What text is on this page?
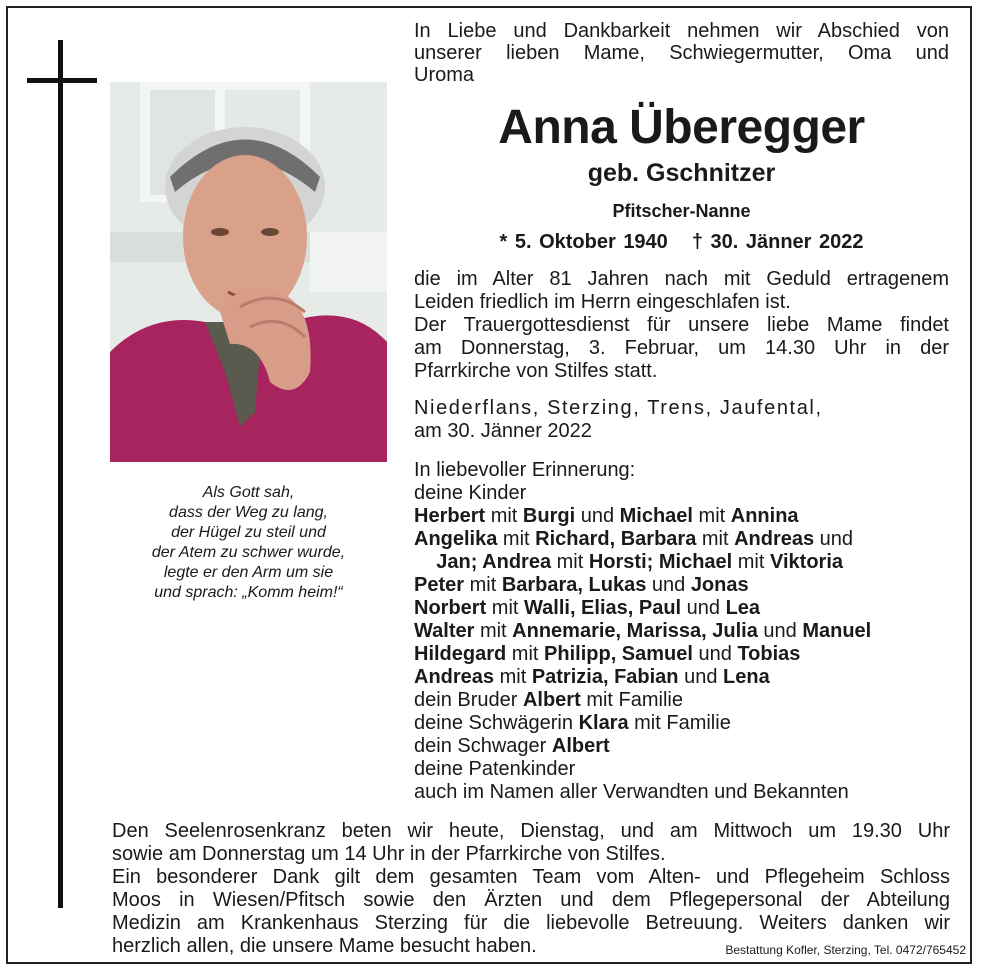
Als Gott sah,
dass der Weg zu lang,
der Hügel zu steil und
der Atem zu schwer wurde,
legte er den Arm um sie
und sprach: „Komm heim!“
In Liebe und Dankbarkeit nehmen wir Abschied von
unserer lieben Mame, Schwiegermutter, Oma und
Uroma
Anna Überegger
geb. Gschnitzer
Pfitscher-Nanne
* 5. Oktober 1940 † 30. Jänner 2022
die im Alter 81 Jahren nach mit Geduld ertragenem
Leiden friedlich im Herrn eingeschlafen ist.
Der Trauergottesdienst für unsere liebe Mame findet
am Donnerstag, 3. Februar, um 14.30 Uhr in der
Pfarrkirche von Stilfes statt.
Niederflans, Sterzing, Trens, Jaufental,
am 30. Jänner 2022
In liebevoller Erinnerung:
deine Kinder
Herbert mit Burgi und Michael mit Annina
Angelika mit Richard, Barbara mit Andreas und
Jan; Andrea mit Horsti; Michael mit Viktoria
Peter mit Barbara, Lukas und Jonas
Norbert mit Walli, Elias, Paul und Lea
Walter mit Annemarie, Marissa, Julia und Manuel
Hildegard mit Philipp, Samuel und Tobias
Andreas mit Patrizia, Fabian und Lena
dein Bruder Albert mit Familie
deine Schwägerin Klara mit Familie
dein Schwager Albert
deine Patenkinder
auch im Namen aller Verwandten und Bekannten
Den Seelenrosenkranz beten wir heute, Dienstag, und am Mittwoch um 19.30 Uhr
sowie am Donnerstag um 14 Uhr in der Pfarrkirche von Stilfes.
Ein besonderer Dank gilt dem gesamten Team vom Alten- und Pflegeheim Schloss
Moos in Wiesen/Pfitsch sowie den Ärzten und dem Pflegepersonal der Abteilung
Medizin am Krankenhaus Sterzing für die liebevolle Betreuung. Weiters danken wir
herzlich allen, die unsere Mame besucht haben.	Bestattung Kofler, Sterzing, Tel. 0472/765452
